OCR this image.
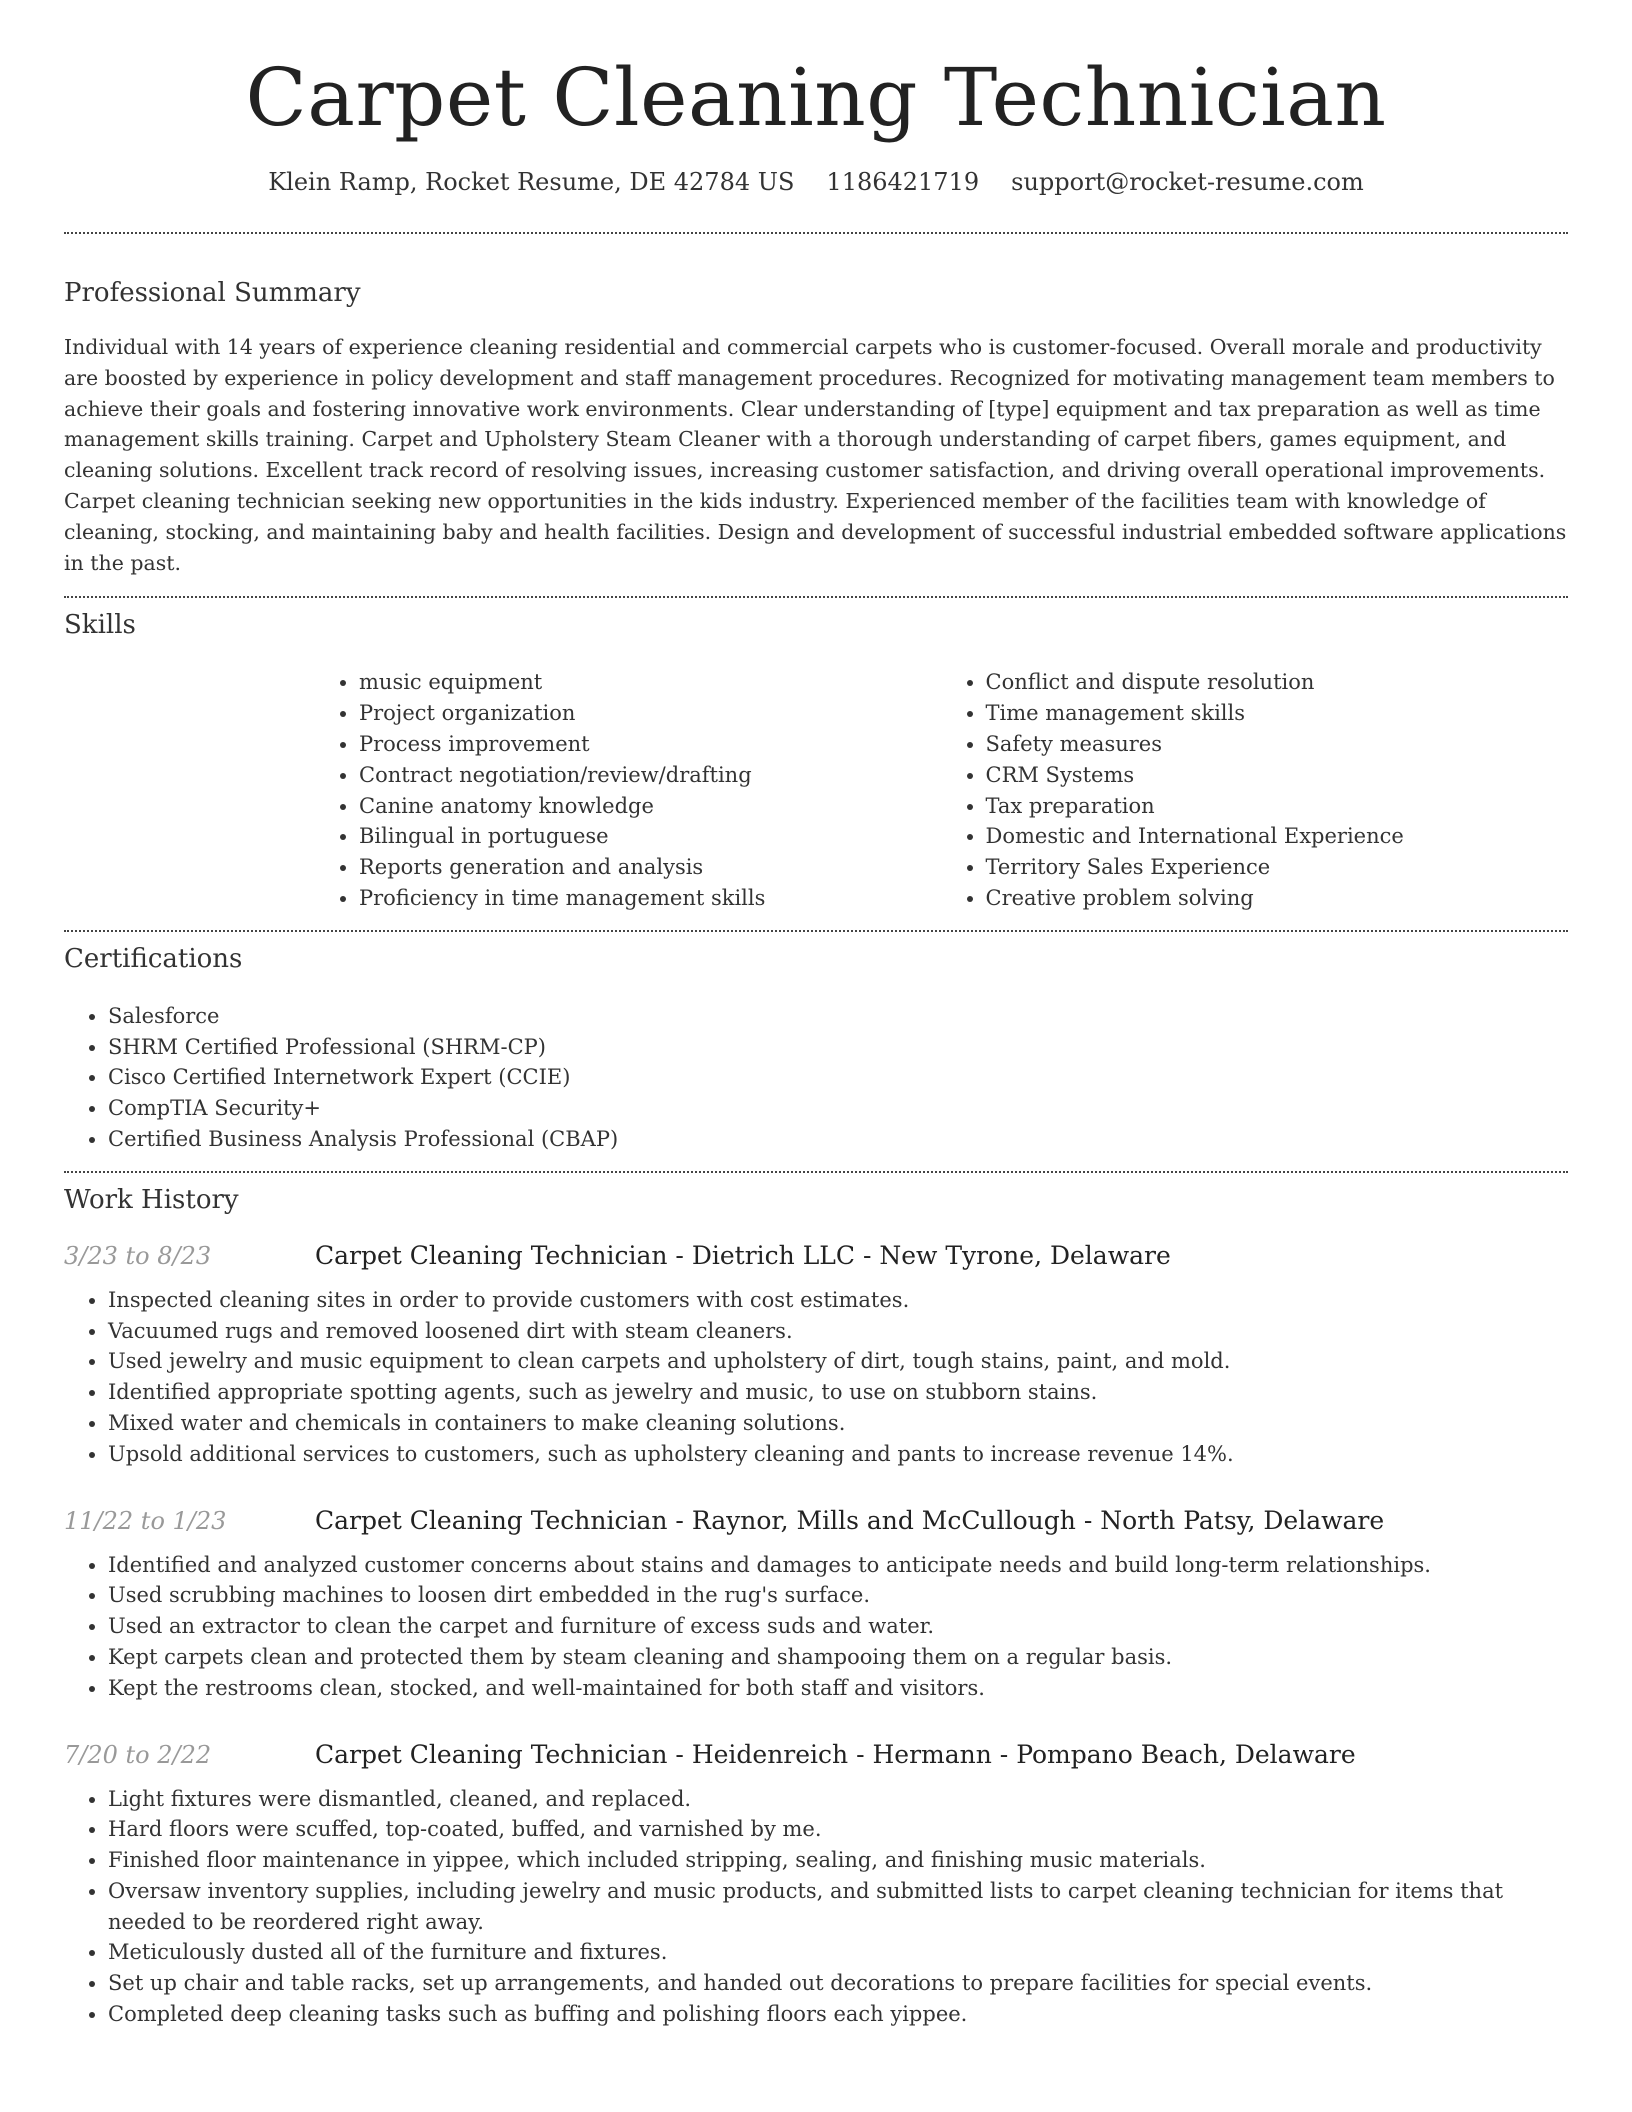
Carpet Cleaning Technician
Klein Ramp, Rocket Resume, DE 42784 US 1186421719 support@rocket-resume.com
Professional Summary

Individual with 14 years of experience cleaning residential and commercial carpets who is customer-focused. Overall morale and productivity are boosted by experience in policy development and staff management procedures. Recognized for motivating management team members to achieve their goals and fostering innovative work environments. Clear understanding of [type] equipment and tax preparation as well as time management skills training. Carpet and Upholstery Steam Cleaner with a thorough understanding of carpet fibers, games equipment, and cleaning solutions. Excellent track record of resolving issues, increasing customer satisfaction, and driving overall operational improvements. Carpet cleaning technician seeking new opportunities in the kids industry. Experienced member of the facilities team with knowledge of cleaning, stocking, and maintaining baby and health facilities. Design and development of successful industrial embedded software applications in the past.

Skills
• music equipment
• Project organization
• Process improvement
• Contract negotiation/review/drafting
• Canine anatomy knowledge
• Bilingual in portuguese
• Reports generation and analysis
• Proficiency in time management skills
• Conflict and dispute resolution
• Time management skills
• Safety measures
• CRM Systems
• Tax preparation
• Domestic and International Experience
• Territory Sales Experience
• Creative problem solving
Certifications
• Salesforce
• SHRM Certified Professional (SHRM-CP)
• Cisco Certified Internetwork Expert (CCIE)
• CompTIA Security+
• Certified Business Analysis Professional (CBAP)
Work History
3/23 to 8/23	Carpet Cleaning Technician - Dietrich LLC - New Tyrone, Delaware
• Inspected cleaning sites in order to provide customers with cost estimates.
• Vacuumed rugs and removed loosened dirt with steam cleaners.
• Used jewelry and music equipment to clean carpets and upholstery of dirt, tough stains, paint, and mold.
• Identified appropriate spotting agents, such as jewelry and music, to use on stubborn stains.
• Mixed water and chemicals in containers to make cleaning solutions.
• Upsold additional services to customers, such as upholstery cleaning and pants to increase revenue 14%.
11/22 to 1/23	Carpet Cleaning Technician - Raynor, Mills and McCullough - North Patsy, Delaware
• Identified and analyzed customer concerns about stains and damages to anticipate needs and build long-term relationships.
• Used scrubbing machines to loosen dirt embedded in the rug's surface.
• Used an extractor to clean the carpet and furniture of excess suds and water.
• Kept carpets clean and protected them by steam cleaning and shampooing them on a regular basis.
• Kept the restrooms clean, stocked, and well-maintained for both staff and visitors.
7/20 to 2/22	Carpet Cleaning Technician - Heidenreich - Hermann - Pompano Beach, Delaware
• Light fixtures were dismantled, cleaned, and replaced.
• Hard floors were scuffed, top-coated, buffed, and varnished by me.
• Finished floor maintenance in yippee, which included stripping, sealing, and finishing music materials.
• Oversaw inventory supplies, including jewelry and music products, and submitted lists to carpet cleaning technician for items that needed to be reordered right away.
• Meticulously dusted all of the furniture and fixtures.
• Set up chair and table racks, set up arrangements, and handed out decorations to prepare facilities for special events.
• Completed deep cleaning tasks such as buffing and polishing floors each yippee.
